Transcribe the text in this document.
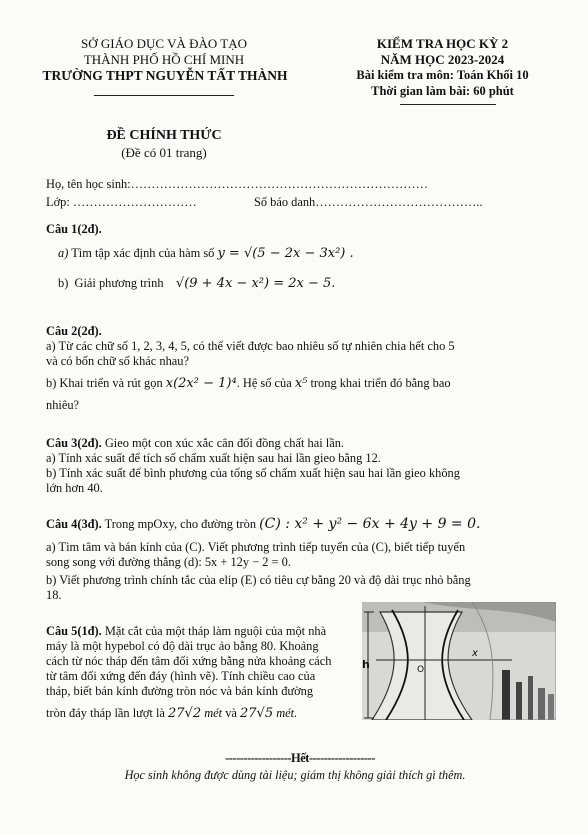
SỞ GIÁO DỤC VÀ ĐÀO TẠO
THÀNH PHỐ HỒ CHÍ MINH
TRƯỜNG THPT NGUYỄN TẤT THÀNH
KIỂM TRA HỌC KỲ 2
NĂM HỌC 2023-2024
Bài kiểm tra môn: Toán Khối 10
Thời gian làm bài: 60 phút
ĐỀ CHÍNH THỨC
(Đề có 01 trang)
Họ, tên học sinh:………………………………………………………………
Lớp: …………………………	Số báo danh…………………………………..
Câu 1(2đ).
a) Tìm tập xác định của hàm số y = √(5 − 2x − 3x²) .
b) Giải phương trình √(9 + 4x − x²) = 2x − 5.
Câu 2(2đ).
a) Từ các chữ số 1, 2, 3, 4, 5, có thể viết được bao nhiêu số tự nhiên chia hết cho 5
và có bốn chữ số khác nhau?
b) Khai triển và rút gọn x(2x² − 1)⁴. Hệ số của x⁵ trong khai triển đó bằng bao
nhiêu?
Câu 3(2đ). Gieo một con xúc xắc cân đối đồng chất hai lần.
a) Tính xác suất để tích số chấm xuất hiện sau hai lần gieo bằng 12.
b) Tính xác suất để bình phương của tổng số chấm xuất hiện sau hai lần gieo không
lớn hơn 40.
Câu 4(3đ). Trong mpOxy, cho đường tròn (C) : x² + y² − 6x + 4y + 9 = 0.
a) Tìm tâm và bán kính của (C). Viết phương trình tiếp tuyến của (C), biết tiếp tuyến
song song với đường thẳng (d): 5x + 12y − 2 = 0.
b) Viết phương trình chính tắc của elip (E) có tiêu cự bằng 20 và độ dài trục nhỏ bằng
18.
Câu 5(1đ). Mặt cắt của một tháp làm nguội của một nhà
máy là một hypebol có độ dài trục ảo bằng 80. Khoảng
cách từ nóc tháp đến tâm đối xứng bằng nửa khoảng cách
từ tâm đối xứng đến đáy (hình vẽ). Tính chiều cao của
tháp, biết bán kính đường tròn nóc và bán kính đường
tròn đáy tháp lần lượt là 27√2 mét và 27√5 mét.
h
x
O
------------------Hết------------------
Học sinh không được dùng tài liệu; giám thị không giải thích gì thêm.
